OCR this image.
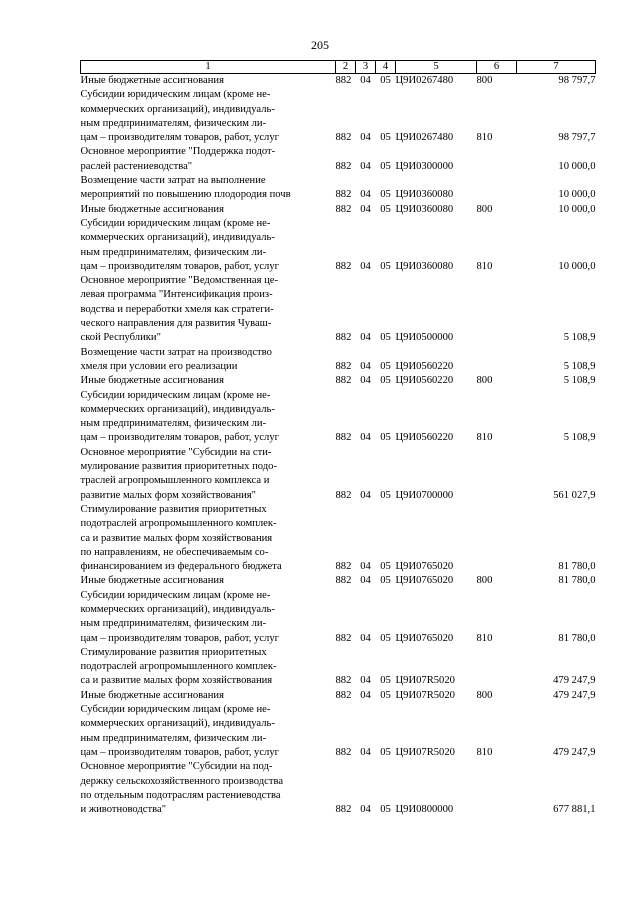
205
1	2	3	4	5	6	7

Иные бюджетные ассигнования	882	04	05	Ц9И0267480	800	98 797,7

Субсидии юридическим лицам (кроме не-
коммерческих организаций), индивидуаль-
ным предпринимателям, физическим ли-
цам – производителям товаров, работ, услуг	882	04	05	Ц9И0267480	810	98 797,7

Основное мероприятие "Поддержка подот-
раслей растениеводства"	882	04	05	Ц9И0300000		10 000,0

Возмещение части затрат на выполнение
мероприятий по повышению плодородия почв	882	04	05	Ц9И0360080		10 000,0

Иные бюджетные ассигнования	882	04	05	Ц9И0360080	800	10 000,0

Субсидии юридическим лицам (кроме не-
коммерческих организаций), индивидуаль-
ным предпринимателям, физическим ли-
цам – производителям товаров, работ, услуг	882	04	05	Ц9И0360080	810	10 000,0

Основное мероприятие "Ведомственная це-
левая программа "Интенсификация произ-
водства и переработки хмеля как стратеги-
ческого направления для развития Чуваш-
ской Республики"	882	04	05	Ц9И0500000		5 108,9

Возмещение части затрат на производство
хмеля при условии его реализации	882	04	05	Ц9И0560220		5 108,9

Иные бюджетные ассигнования	882	04	05	Ц9И0560220	800	5 108,9

Субсидии юридическим лицам (кроме не-
коммерческих организаций), индивидуаль-
ным предпринимателям, физическим ли-
цам – производителям товаров, работ, услуг	882	04	05	Ц9И0560220	810	5 108,9

Основное мероприятие "Субсидии на сти-
мулирование развития приоритетных подо-
траслей агропромышленного комплекса и
развитие малых форм хозяйствования"	882	04	05	Ц9И0700000		561 027,9

Стимулирование развития приоритетных
подотраслей агропромышленного комплек-
са и развитие малых форм хозяйствования
по направлениям, не обеспечиваемым со-
финансированием из федерального бюджета	882	04	05	Ц9И0765020		81 780,0

Иные бюджетные ассигнования	882	04	05	Ц9И0765020	800	81 780,0

Субсидии юридическим лицам (кроме не-
коммерческих организаций), индивидуаль-
ным предпринимателям, физическим ли-
цам – производителям товаров, работ, услуг	882	04	05	Ц9И0765020	810	81 780,0

Стимулирование развития приоритетных
подотраслей агропромышленного комплек-
са и развитие малых форм хозяйствования	882	04	05	Ц9И07R5020		479 247,9

Иные бюджетные ассигнования	882	04	05	Ц9И07R5020	800	479 247,9

Субсидии юридическим лицам (кроме не-
коммерческих организаций), индивидуаль-
ным предпринимателям, физическим ли-
цам – производителям товаров, работ, услуг	882	04	05	Ц9И07R5020	810	479 247,9

Основное мероприятие "Субсидии на под-
держку сельскохозяйственного производства
по отдельным подотраслям растениеводства
и животноводства"	882	04	05	Ц9И0800000		677 881,1
